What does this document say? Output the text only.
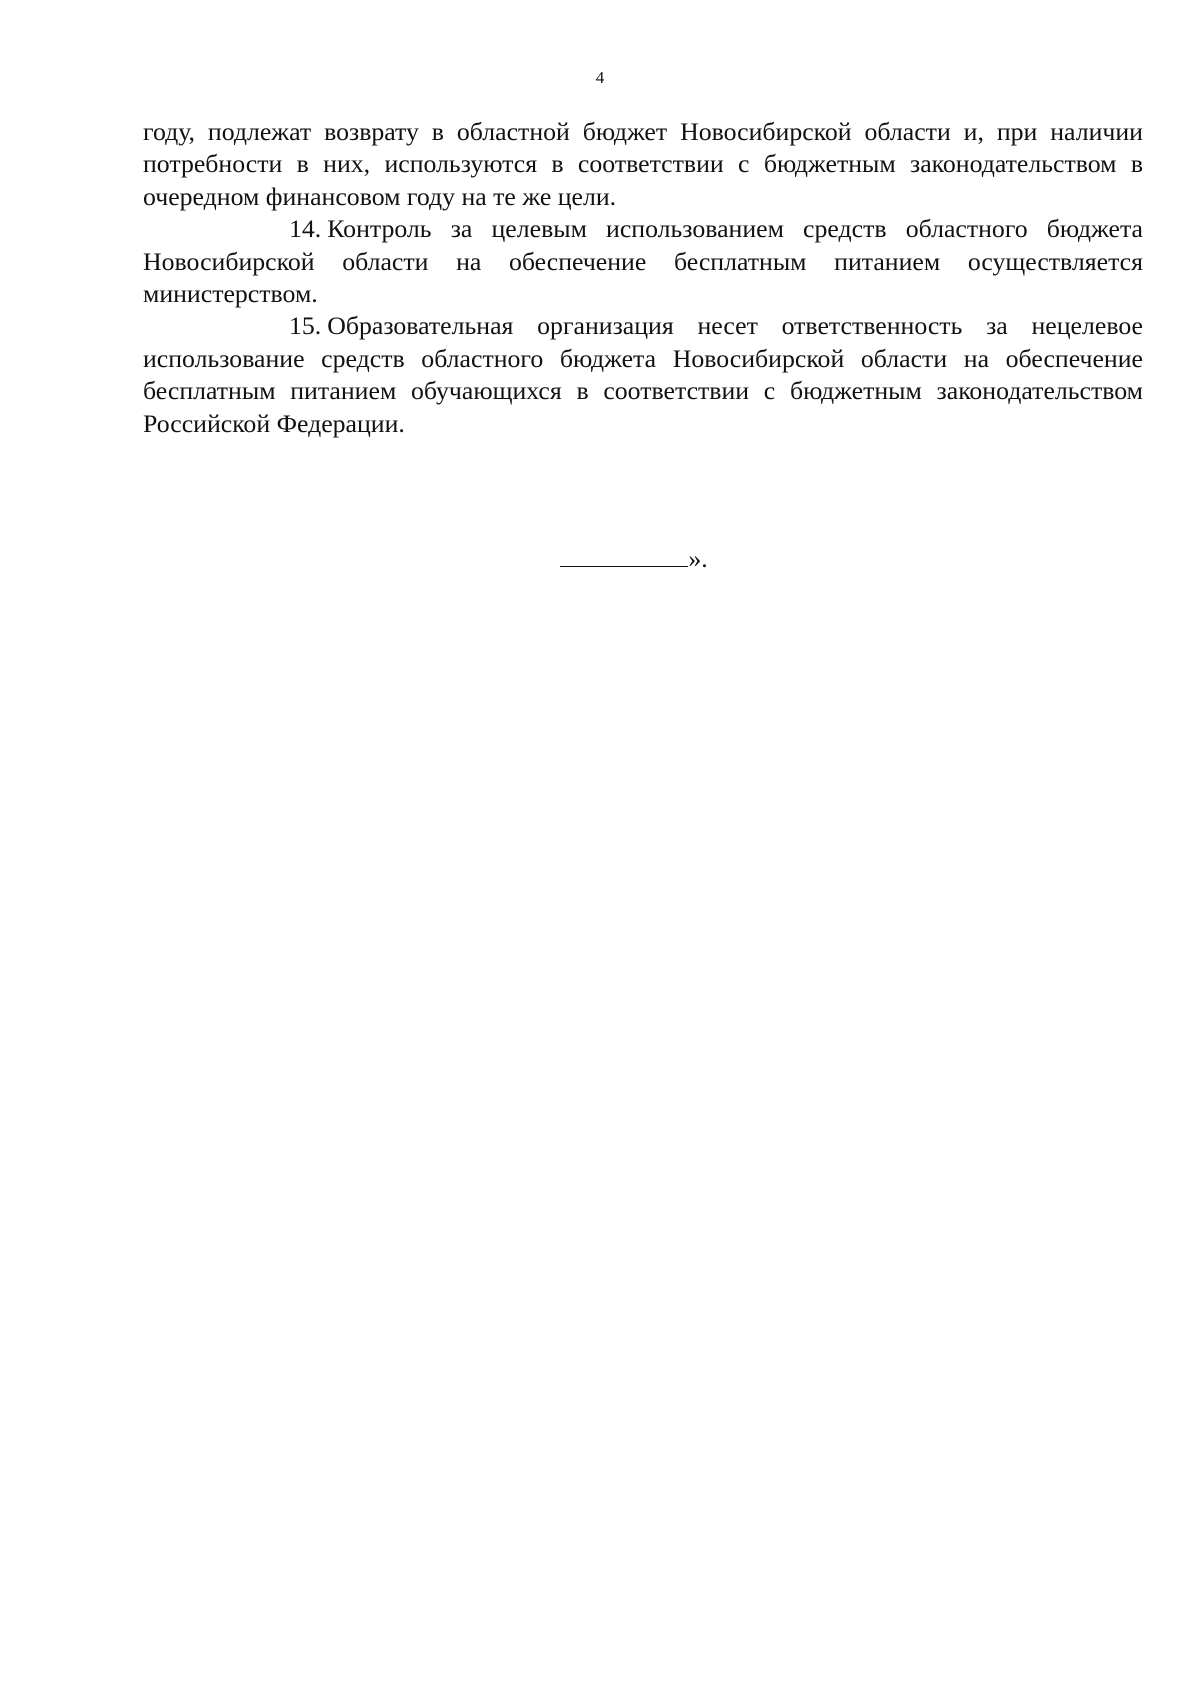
4

году, подлежат возврату в областной бюджет Новосибирской области и, при наличии потребности в них, используются в соответствии с бюджетным законодательством в очередном финансовом году на те же цели.

14. Контроль за целевым использованием средств областного бюджета Новосибирской области на обеспечение бесплатным питанием осуществляется министерством.

15. Образовательная организация несет ответственность за нецелевое использование средств областного бюджета Новосибирской области на обеспечение бесплатным питанием обучающихся в соответствии с бюджетным законодательством Российской Федерации.

».
